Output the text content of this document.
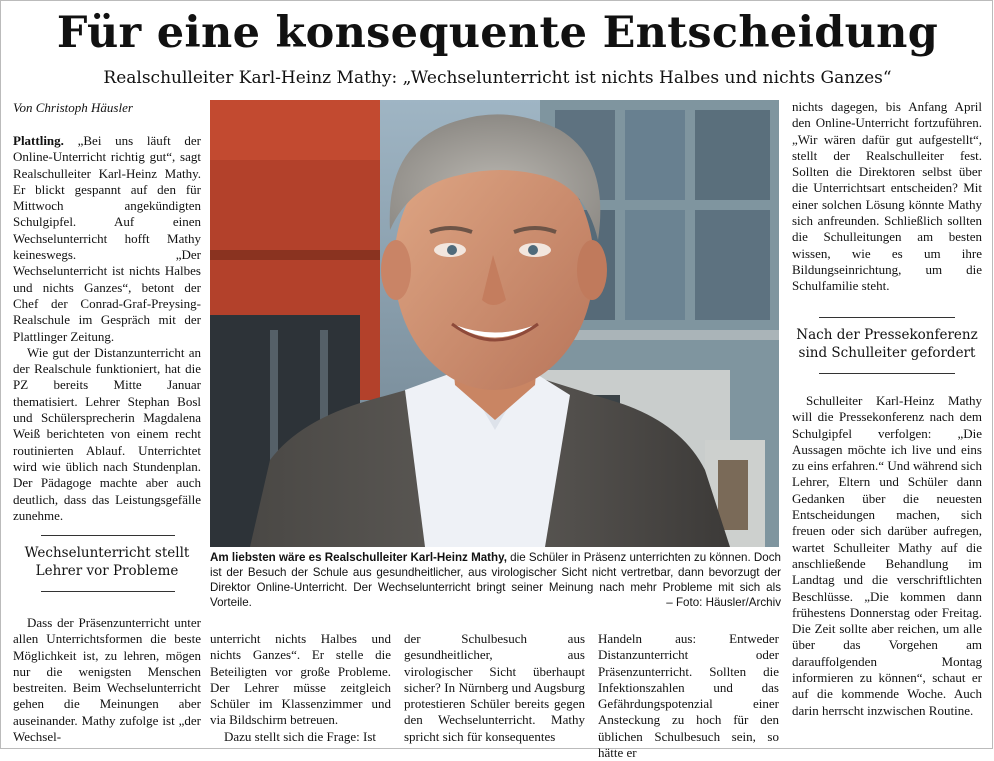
Für eine konsequente Entscheidung
Realschulleiter Karl-Heinz Mathy: „Wechselunterricht ist nichts Halbes und nichts Ganzes“
Von Christoph Häusler

Plattling. „Bei uns läuft der Online-Unterricht richtig gut“, sagt Realschulleiter Karl-Heinz Mathy. Er blickt gespannt auf den für Mittwoch angekündigten Schulgipfel. Auf einen Wechselunterricht hofft Mathy keineswegs. „Der Wechselunterricht ist nichts Halbes und nichts Ganzes“, betont der Chef der Conrad-Graf-Preysing-Realschule im Gespräch mit der Plattlinger Zeitung.

Wie gut der Distanzunterricht an der Realschule funktioniert, hat die PZ bereits Mitte Januar thematisiert. Lehrer Stephan Bosl und Schülersprecherin Magdalena Weiß berichteten von einem recht routinierten Ablauf. Unterrichtet wird wie üblich nach Stundenplan. Der Pädagoge machte aber auch deutlich, dass das Leistungsgefälle zunehme.

Wechselunterricht stellt Lehrer vor Probleme

Dass der Präsenzunterricht unter allen Unterrichtsformen die beste Möglichkeit ist, zu lehren, mögen nur die wenigsten Menschen bestreiten. Beim Wechselunterricht gehen die Meinungen aber auseinander. Mathy zufolge ist „der Wechsel-

Am liebsten wäre es Realschulleiter Karl-Heinz Mathy, die Schüler in Präsenz unterrichten zu können. Doch ist der Besuch der Schule aus gesundheitlicher, aus virologischer Sicht nicht vertretbar, dann bevorzugt der Direktor Online-Unterricht. Der Wechselunterricht bringt seiner Meinung nach mehr Probleme mit sich als Vorteile.	– Foto: Häusler/Archiv

unterricht nichts Halbes und nichts Ganzes“. Er stelle die Beteiligten vor große Probleme. Der Lehrer müsse zeitgleich Schüler im Klassenzimmer und via Bildschirm betreuen.

Dazu stellt sich die Frage: Ist

der Schulbesuch aus gesundheitlicher, aus virologischer Sicht überhaupt sicher? In Nürnberg und Augsburg protestieren Schüler bereits gegen den Wechselunterricht. Mathy spricht sich für konsequentes

Handeln aus: Entweder Distanzunterricht oder Präsenzunterricht. Sollten die Infektionszahlen und das Gefährdungspotenzial einer Ansteckung zu hoch für den üblichen Schulbesuch sein, so hätte er

nichts dagegen, bis Anfang April den Online-Unterricht fortzuführen. „Wir wären dafür gut aufgestellt“, stellt der Realschulleiter fest. Sollten die Direktoren selbst über die Unterrichtsart entscheiden? Mit einer solchen Lösung könnte Mathy sich anfreunden. Schließlich sollten die Schulleitungen am besten wissen, wie es um ihre Bildungseinrichtung, um die Schulfamilie steht.

Nach der Pressekonferenz sind Schulleiter gefordert

Schulleiter Karl-Heinz Mathy will die Pressekonferenz nach dem Schulgipfel verfolgen: „Die Aussagen möchte ich live und eins zu eins erfahren.“ Und während sich Lehrer, Eltern und Schüler dann Gedanken über die neuesten Entscheidungen machen, sich freuen oder sich darüber aufregen, wartet Schulleiter Mathy auf die anschließende Behandlung im Landtag und die verschriftlichten Beschlüsse. „Die kommen dann frühestens Donnerstag oder Freitag. Die Zeit sollte aber reichen, um alle über das Vorgehen am darauffolgenden Montag informieren zu können“, schaut er auf die kommende Woche. Auch darin herrscht inzwischen Routine.
